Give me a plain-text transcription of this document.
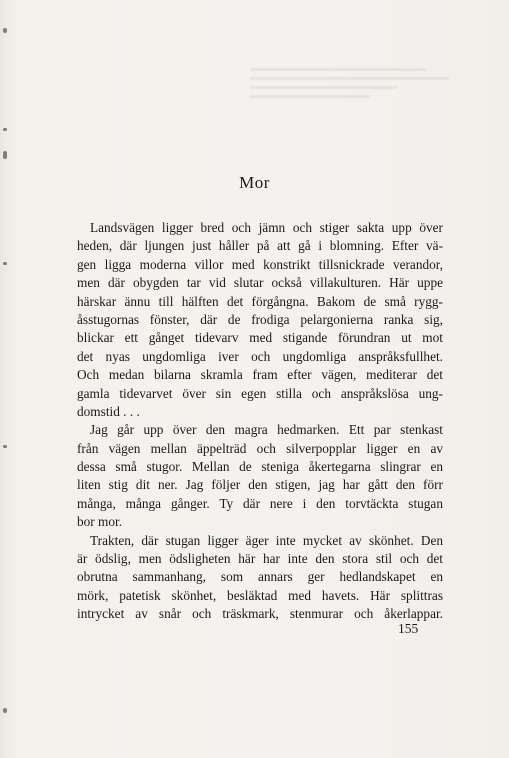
Mor
Landsvägen ligger bred och jämn och stiger sakta upp över
heden, där ljungen just håller på att gå i blomning. Efter vä-
gen ligga moderna villor med konstrikt tillsnickrade verandor,
men där obygden tar vid slutar också villakulturen. Här uppe
härskar ännu till hälften det förgångna. Bakom de små rygg-
åsstugornas fönster, där de frodiga pelargonierna ranka sig,
blickar ett gånget tidevarv med stigande förundran ut mot
det nyas ungdomliga iver och ungdomliga anspråksfullhet.
Och medan bilarna skramla fram efter vägen, mediterar det
gamla tidevarvet över sin egen stilla och anspråkslösa ung-
domstid . . .
Jag går upp över den magra hedmarken. Ett par stenkast
från vägen mellan äppelträd och silverpopplar ligger en av
dessa små stugor. Mellan de steniga åkertegarna slingrar en
liten stig dit ner. Jag följer den stigen, jag har gått den förr
många, många gånger. Ty där nere i den torvtäckta stugan
bor mor.
Trakten, där stugan ligger äger inte mycket av skönhet. Den
är ödslig, men ödsligheten här har inte den stora stil och det
obrutna sammanhang, som annars ger hedlandskapet en
mörk, patetisk skönhet, besläktad med havets. Här splittras
intrycket av snår och träskmark, stenmurar och åkerlappar.

155
